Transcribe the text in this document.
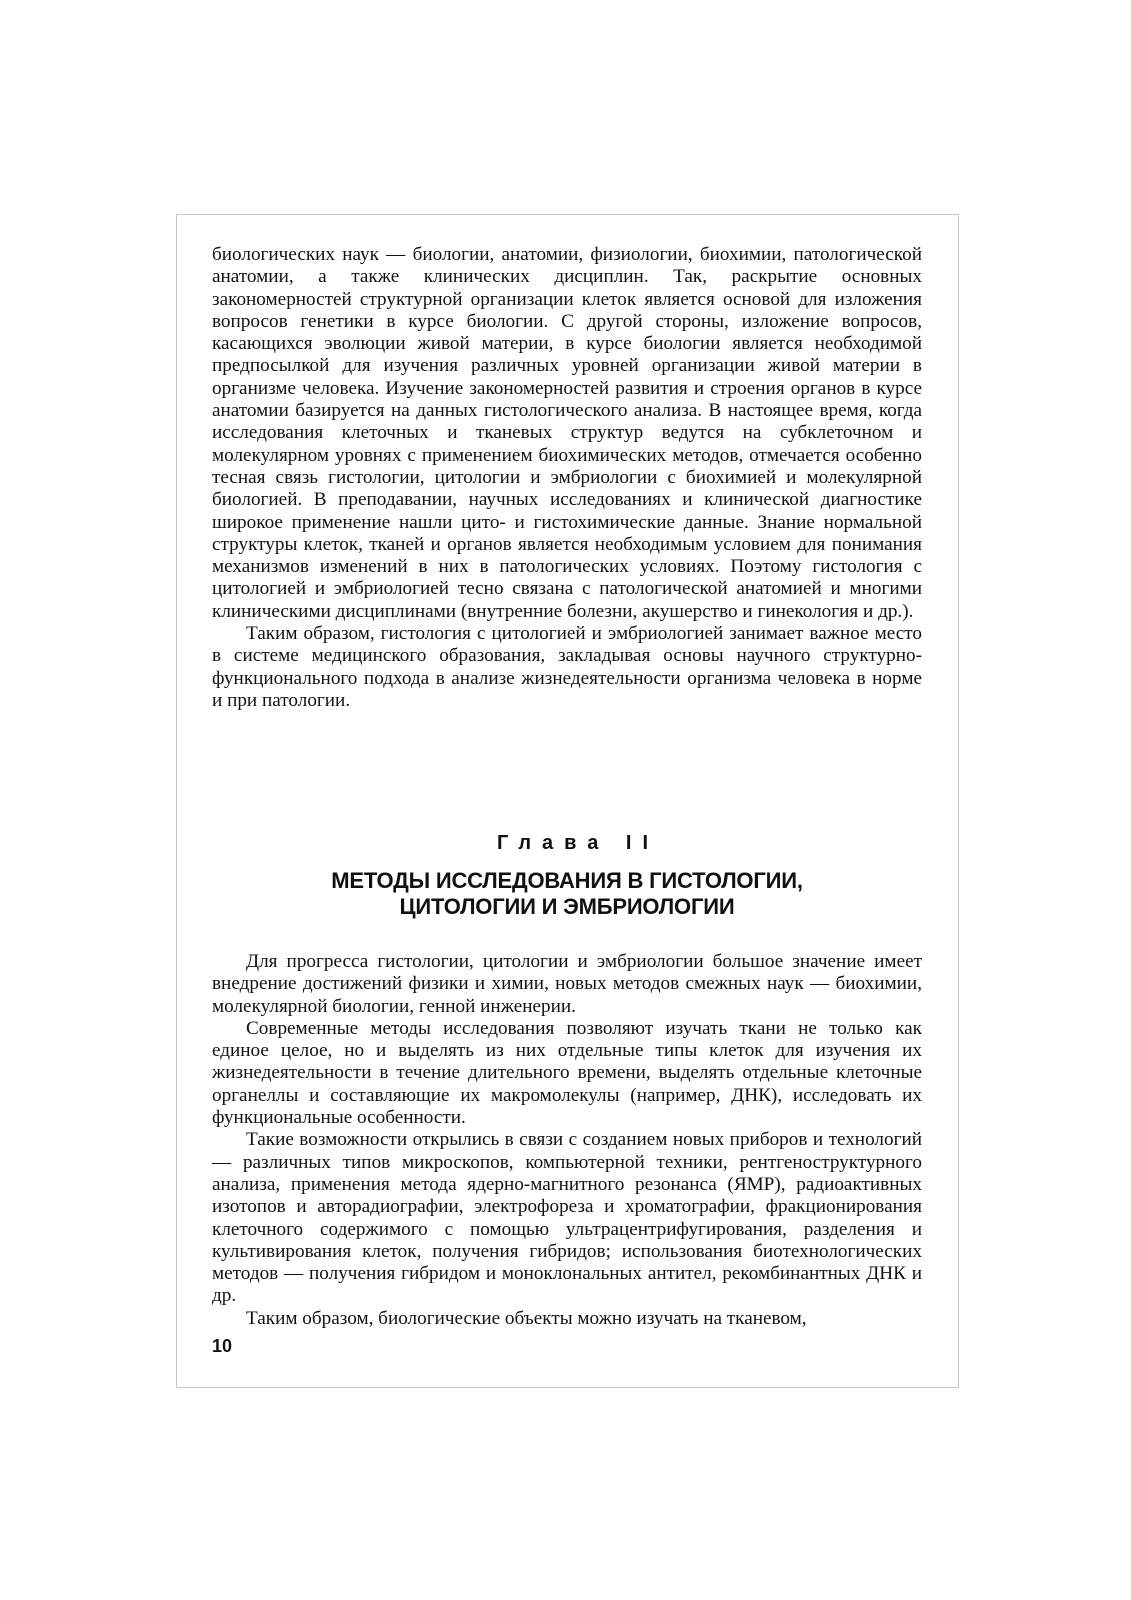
биологических наук — биологии, анатомии, физиологии, биохимии, патологической анатомии, а также клинических дисциплин. Так, раскрытие основных закономерностей структурной организации клеток является основой для изложения вопросов генетики в курсе биологии. С другой стороны, изложение вопросов, касающихся эволюции живой материи, в курсе биологии является необходимой предпосылкой для изучения различных уровней организации живой материи в организме человека. Изучение закономерностей развития и строения органов в курсе анатомии базируется на данных гистологического анализа. В настоящее время, когда исследования клеточных и тканевых структур ведутся на субклеточном и молекулярном уровнях с применением биохимических методов, отмечается особенно тесная связь гистологии, цитологии и эмбриологии с биохимией и молекулярной биологией. В преподавании, научных исследованиях и клинической диагностике широкое применение нашли цито- и гистохимические данные. Знание нормальной структуры клеток, тканей и органов является необходимым условием для понимания механизмов изменений в них в патологических условиях. Поэтому гистология с цитологией и эмбриологией тесно связана с патологической анатомией и многими клиническими дисциплинами (внутренние болезни, акушерство и гинекология и др.).

Таким образом, гистология с цитологией и эмбриологией занимает важное место в системе медицинского образования, закладывая основы научного структурно-функционального подхода в анализе жизнедеятельности организма человека в норме и при патологии.

Глава II
МЕТОДЫ ИССЛЕДОВАНИЯ В ГИСТОЛОГИИ,
ЦИТОЛОГИИ И ЭМБРИОЛОГИИ

Для прогресса гистологии, цитологии и эмбриологии большое значение имеет внедрение достижений физики и химии, новых методов смежных наук — биохимии, молекулярной биологии, генной инженерии.

Современные методы исследования позволяют изучать ткани не только как единое целое, но и выделять из них отдельные типы клеток для изучения их жизнедеятельности в течение длительного времени, выделять отдельные клеточные органеллы и составляющие их макромолекулы (например, ДНК), исследовать их функциональные особенности.

Такие возможности открылись в связи с созданием новых приборов и технологий — различных типов микроскопов, компьютерной техники, рентгеноструктурного анализа, применения метода ядерно-магнитного резонанса (ЯМР), радиоактивных изотопов и авторадиографии, электрофореза и хроматографии, фракционирования клеточного содержимого с помощью ультрацентрифугирования, разделения и культивирования клеток, получения гибридов; использования биотехнологических методов — получения гибридом и моноклональных антител, рекомбинантных ДНК и др.

Таким образом, биологические объекты можно изучать на тканевом,

10
